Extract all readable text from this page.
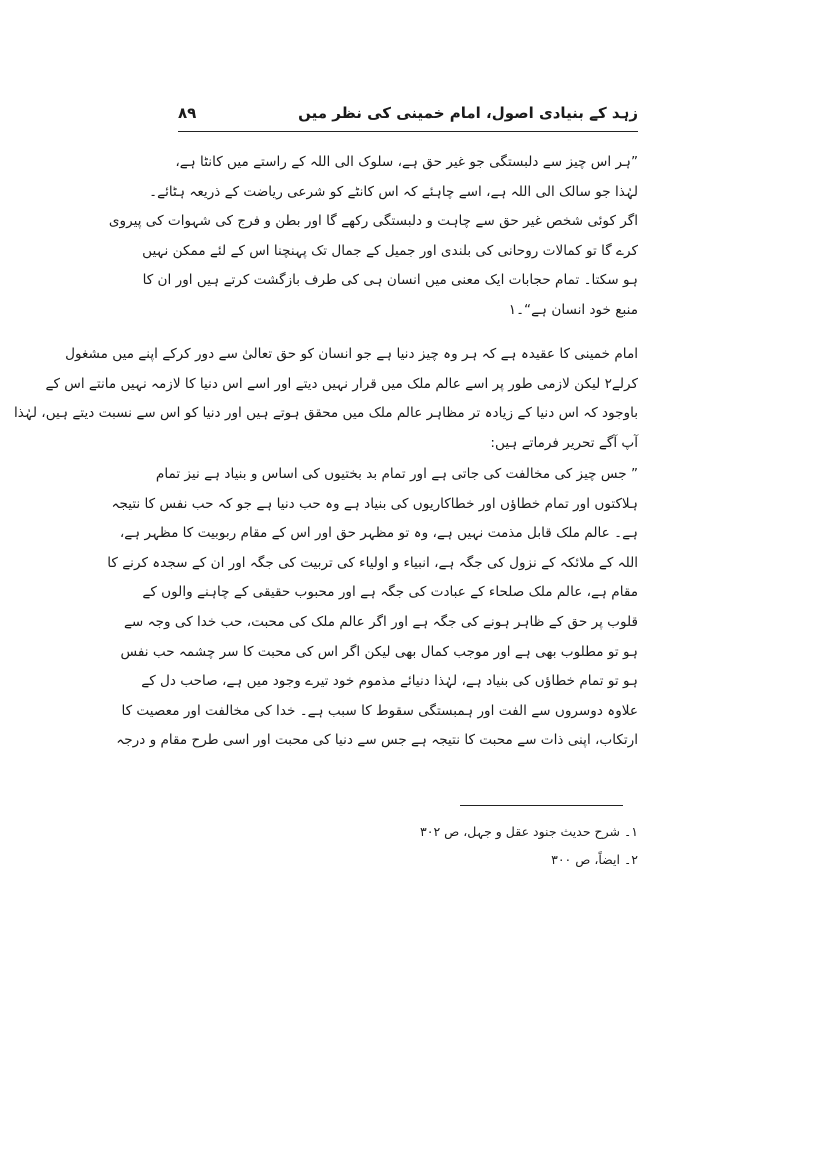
زہد کے بنیادی اصول، امام خمینی کی نظر میں
۸۹
”ہر اس چیز سے دلبستگی جو غیر حق ہے، سلوک الی اللہ کے راستے میں کانٹا ہے،
لہٰذا جو سالک الی اللہ ہے، اسے چاہئے کہ اس کانٹے کو شرعی ریاضت کے ذریعہ ہٹائے۔
اگر کوئی شخص غیر حق سے چاہت و دلبستگی رکھے گا اور بطن و فرج کی شہوات کی پیروی
کرے گا تو کمالات روحانی کی بلندی اور جمیل کے جمال تک پہنچنا اس کے لئے ممکن نہیں
ہو سکتا۔ تمام حجابات ایک معنی میں انسان ہی کی طرف بازگشت کرتے ہیں اور ان کا
منبع خود انسان ہے“۔۱
امام خمینی کا عقیدہ ہے کہ ہر وہ چیز دنیا ہے جو انسان کو حق تعالیٰ سے دور کرکے اپنے میں مشغول
کرلے۲ لیکن لازمی طور پر اسے عالم ملک میں قرار نہیں دیتے اور اسے اس دنیا کا لازمہ نہیں مانتے اس کے
باوجود کہ اس دنیا کے زیادہ تر مظاہر عالم ملک میں محقق ہوتے ہیں اور دنیا کو اس سے نسبت دیتے ہیں، لہٰذا
آپ آگے تحریر فرماتے ہیں:
” جس چیز کی مخالفت کی جاتی ہے اور تمام بد بختیوں کی اساس و بنیاد ہے نیز تمام
ہلاکتوں اور تمام خطاؤں اور خطاکاریوں کی بنیاد ہے وہ حب دنیا ہے جو کہ حب نفس کا نتیجہ
ہے۔ عالم ملک قابل مذمت نہیں ہے، وہ تو مظہر حق اور اس کے مقام ربوبیت کا مظہر ہے،
اللہ کے ملائکہ کے نزول کی جگہ ہے، انبیاء و اولیاء کی تربیت کی جگہ اور ان کے سجدہ کرنے کا
مقام ہے، عالم ملک صلحاء کے عبادت کی جگہ ہے اور محبوب حقیقی کے چاہنے والوں کے
قلوب پر حق کے ظاہر ہونے کی جگہ ہے اور اگر عالم ملک کی محبت، حب خدا کی وجہ سے
ہو تو مطلوب بھی ہے اور موجب کمال بھی لیکن اگر اس کی محبت کا سر چشمہ حب نفس
ہو تو تمام خطاؤں کی بنیاد ہے، لہٰذا دنیائے مذموم خود تیرے وجود میں ہے، صاحب دل کے
علاوہ دوسروں سے الفت اور ہمبستگی سقوط کا سبب ہے۔ خدا کی مخالفت اور معصیت کا
ارتکاب، اپنی ذات سے محبت کا نتیجہ ہے جس سے دنیا کی محبت اور اسی طرح مقام و درجہ
۱۔ شرح حدیث جنود عقل و جہل، ص ۳۰۲
۲۔ ایضاً، ص ۳۰۰
